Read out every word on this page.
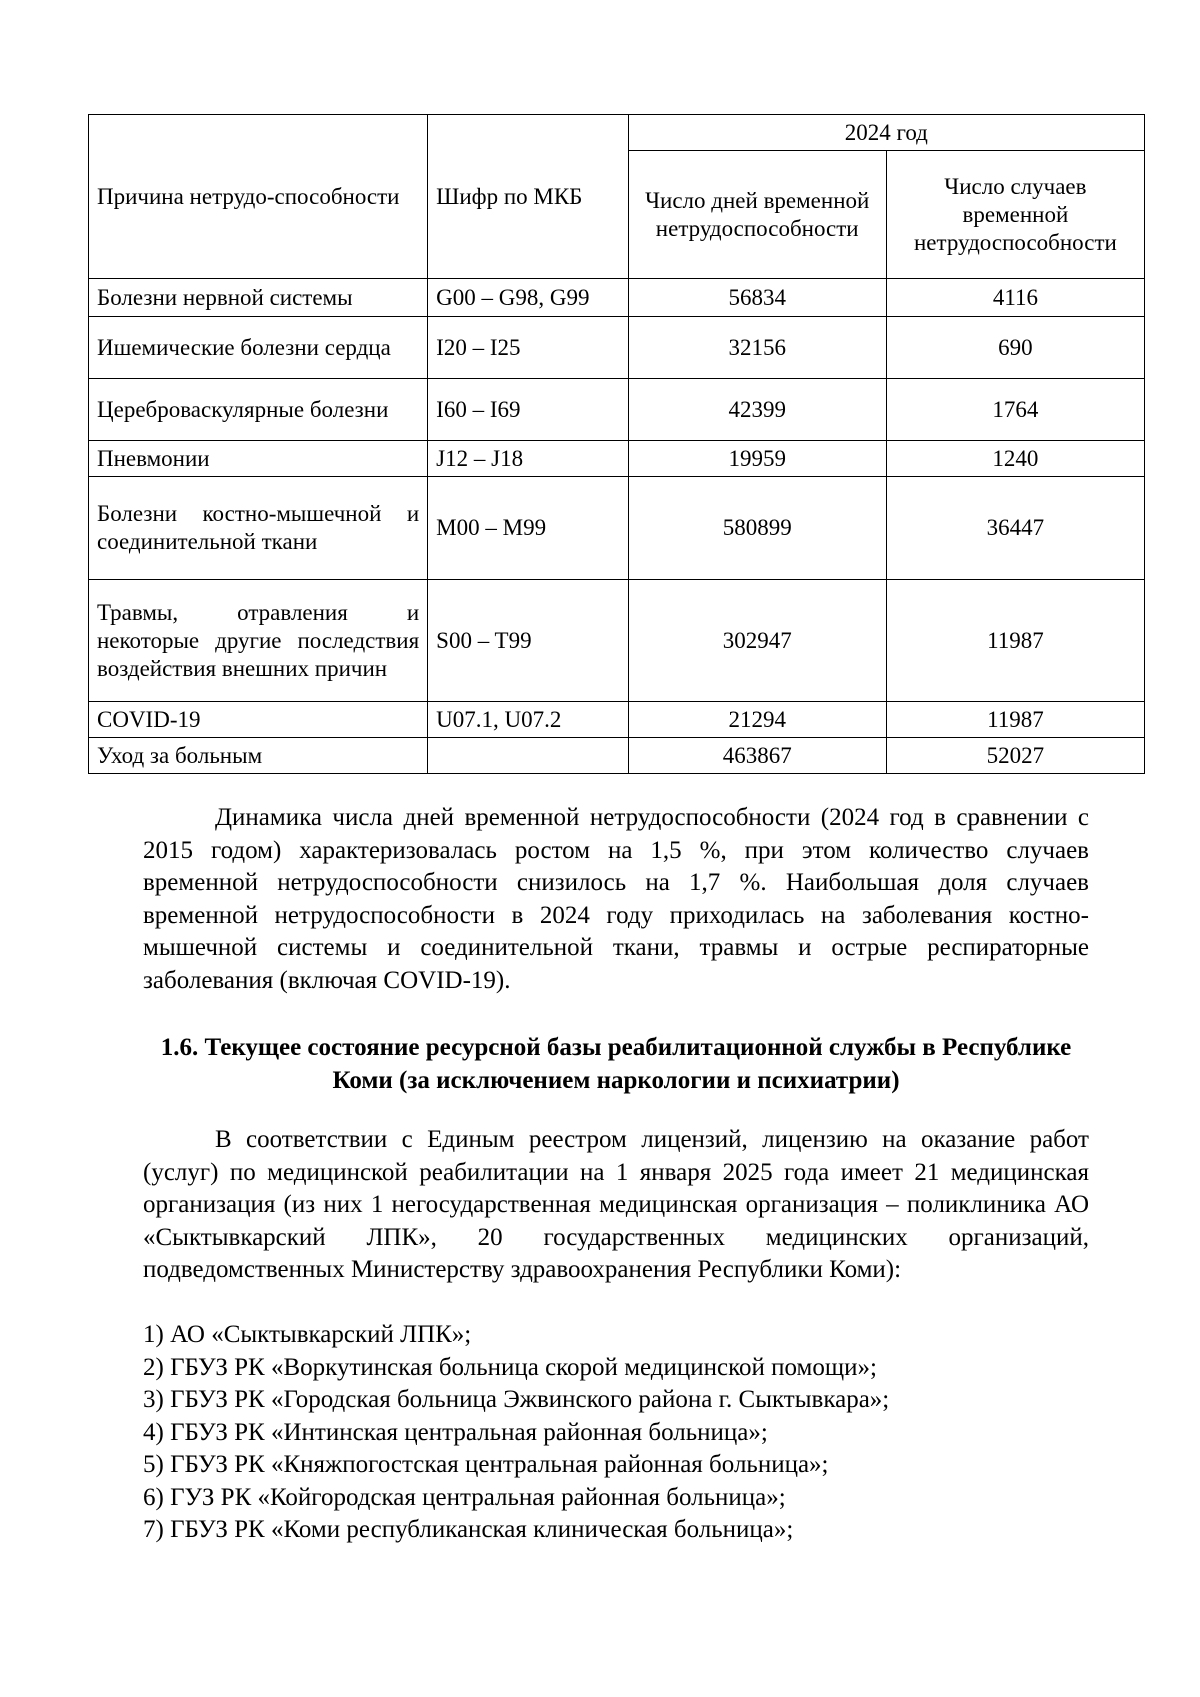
Причина нетрудо-способности	Шифр по МКБ	2024 год	
		Число дней временной нетрудоспособности	Число случаев временной нетрудоспособности
Болезни нервной системы	G00 – G98, G99	56834	4116
Ишемические болезни сердца	I20 – I25	32156	690
Цереброваскулярные болезни	I60 – I69	42399	1764
Пневмонии	J12 – J18	19959	1240
Болезни костно-мышечной и соединительной ткани	M00 – M99	580899	36447
Травмы, отравления и некоторые другие последствия воздействия внешних причин	S00 – T99	302947	11987
COVID-19	U07.1, U07.2	21294	11987
Уход за больным		463867	52027

Динамика числа дней временной нетрудоспособности (2024 год в сравнении с 2015 годом) характеризовалась ростом на 1,5 %, при этом количество случаев временной нетрудоспособности снизилось на 1,7 %. Наибольшая доля случаев временной нетрудоспособности в 2024 году приходилась на заболевания костно-мышечной системы и соединительной ткани, травмы и острые респираторные заболевания (включая COVID-19).

1.6. Текущее состояние ресурсной базы реабилитационной службы в Республике Коми (за исключением наркологии и психиатрии)

В соответствии с Единым реестром лицензий, лицензию на оказание работ (услуг) по медицинской реабилитации на 1 января 2025 года имеет 21 медицинская организация (из них 1 негосударственная медицинская организация – поликлиника АО «Сыктывкарский ЛПК», 20 государственных медицинских организаций, подведомственных Министерству здравоохранения Республики Коми):

1) АО «Сыктывкарский ЛПК»;
2) ГБУЗ РК «Воркутинская больница скорой медицинской помощи»;
3) ГБУЗ РК «Городская больница Эжвинского района г. Сыктывкара»;
4) ГБУЗ РК «Интинская центральная районная больница»;
5) ГБУЗ РК «Княжпогостская центральная районная больница»;
6) ГУЗ РК «Койгородская центральная районная больница»;
7) ГБУЗ РК «Коми республиканская клиническая больница»;
